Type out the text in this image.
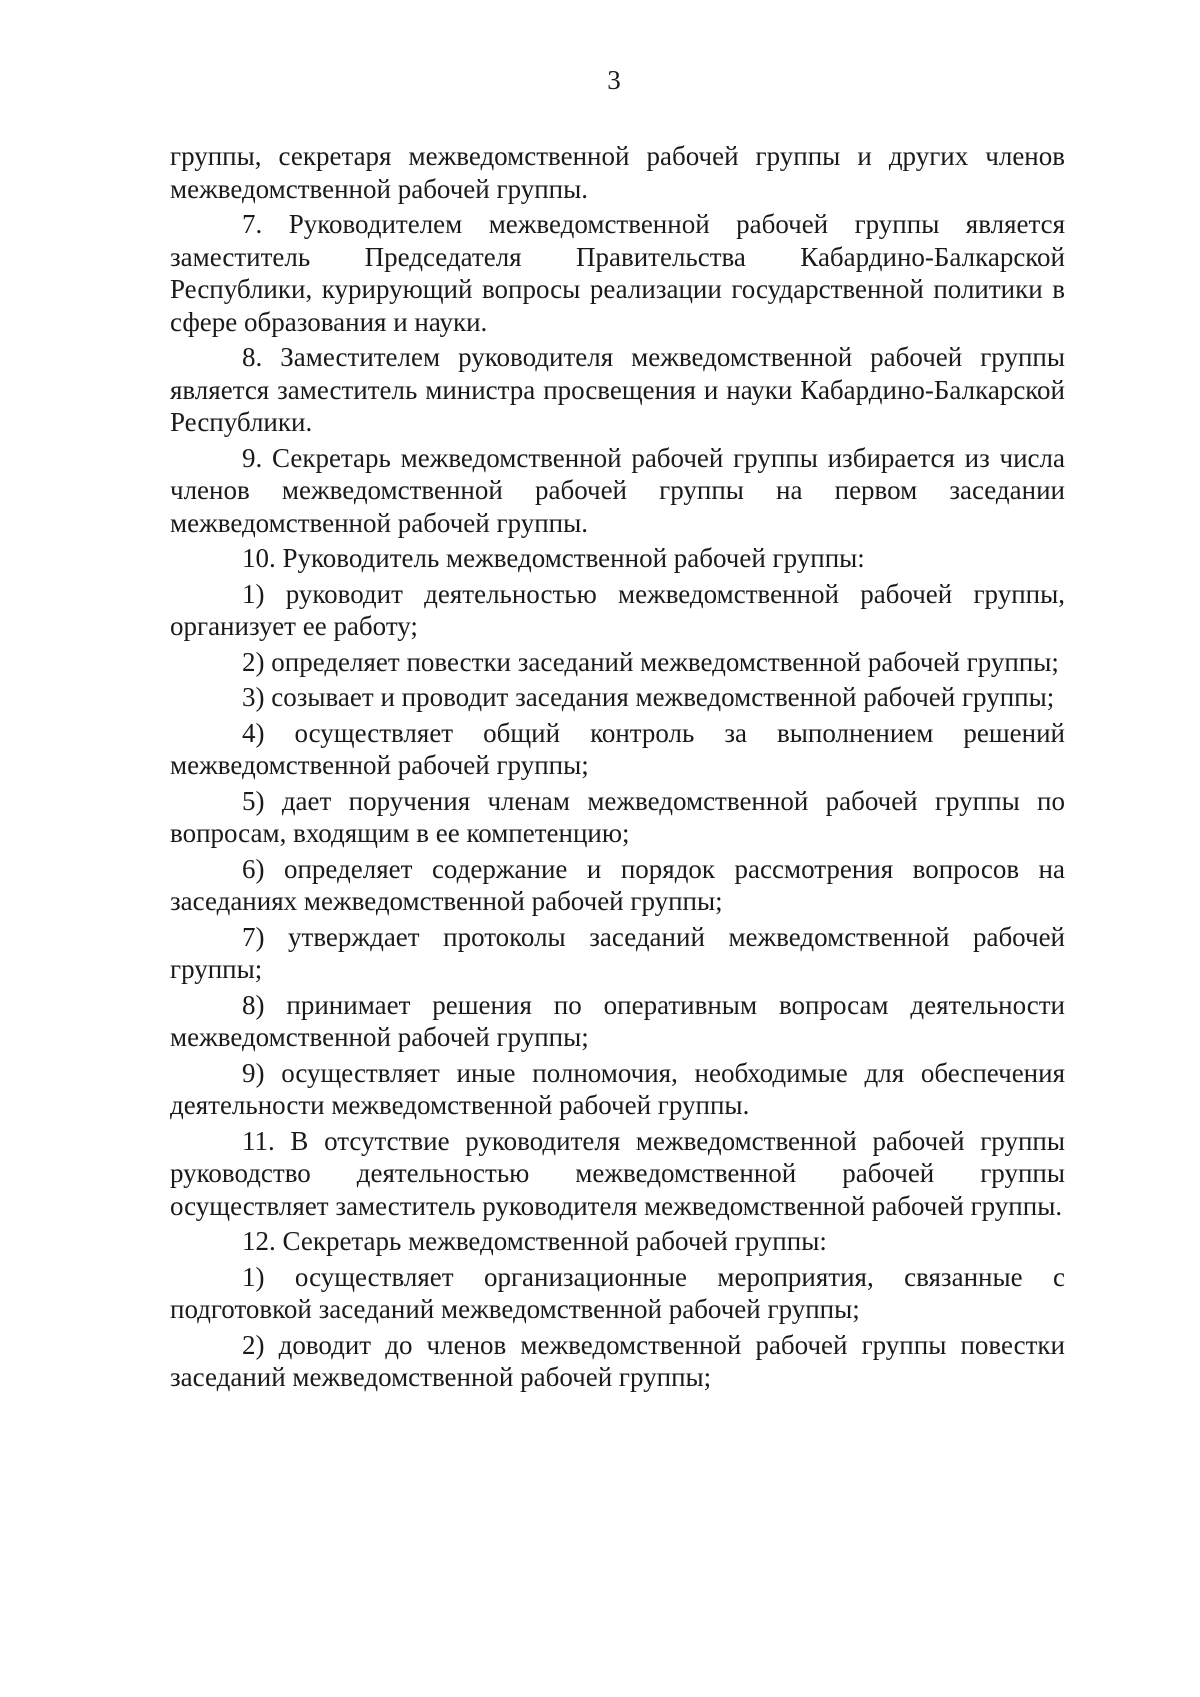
3

группы, секретаря межведомственной рабочей группы и других членов межведомственной рабочей группы.

7. Руководителем межведомственной рабочей группы является заместитель Председателя Правительства Кабардино-Балкарской Республики, курирующий вопросы реализации государственной политики в сфере образования и науки.

8. Заместителем руководителя межведомственной рабочей группы является заместитель министра просвещения и науки Кабардино-Балкарской Республики.

9. Секретарь межведомственной рабочей группы избирается из числа членов межведомственной рабочей группы на первом заседании межведомственной рабочей группы.

10. Руководитель межведомственной рабочей группы:

1) руководит деятельностью межведомственной рабочей группы, организует ее работу;

2) определяет повестки заседаний межведомственной рабочей группы;

3) созывает и проводит заседания межведомственной рабочей группы;

4) осуществляет общий контроль за выполнением решений межведомственной рабочей группы;

5) дает поручения членам межведомственной рабочей группы по вопросам, входящим в ее компетенцию;

6) определяет содержание и порядок рассмотрения вопросов на заседаниях межведомственной рабочей группы;

7) утверждает протоколы заседаний межведомственной рабочей группы;

8) принимает решения по оперативным вопросам деятельности межведомственной рабочей группы;

9) осуществляет иные полномочия, необходимые для обеспечения деятельности межведомственной рабочей группы.

11. В отсутствие руководителя межведомственной рабочей группы руководство деятельностью межведомственной рабочей группы осуществляет заместитель руководителя межведомственной рабочей группы.

12. Секретарь межведомственной рабочей группы:

1) осуществляет организационные мероприятия, связанные с подготовкой заседаний межведомственной рабочей группы;

2) доводит до членов межведомственной рабочей группы повестки заседаний межведомственной рабочей группы;
